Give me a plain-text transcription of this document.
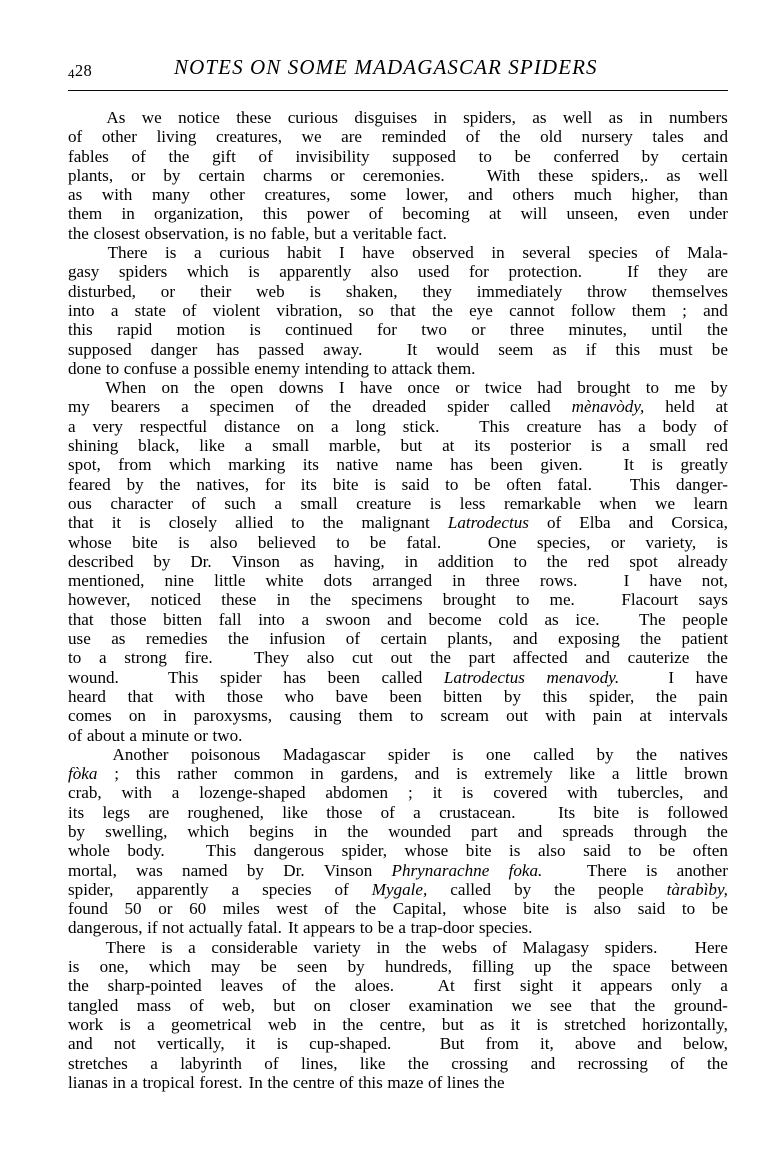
428	NOTES ON SOME MADAGASCAR SPIDERS
As we notice these curious disguises in spiders, as well as in numbers
of other living creatures, we are reminded of the old nursery tales and
fables of the gift of invisibility supposed to be conferred by certain
plants, or by certain charms or ceremonies. With these spiders,. as well
as with many other creatures, some lower, and others much higher, than
them in organization, this power of becoming at will unseen, even under
the closest observation, is no fable, but a veritable fact.
There is a curious habit I have observed in several species of Mala-
gasy spiders which is apparently also used for protection.	If they are
disturbed, or their web is shaken, they immediately throw themselves
into a state of violent vibration, so that the eye cannot follow them ; and
this rapid motion is continued for two or three minutes, until the
supposed danger has passed away.	It would seem as if this must be
done to confuse a possible enemy intending to attack them.
When on the open downs I have once or twice had brought to me by
my bearers a specimen of the dreaded spider called mènavòdy, held at
a very respectful distance on a long stick. This creature has a body of
shining black, like a small marble, but at its posterior is a small red
spot, from which marking its native name has been given. It is greatly
feared by the natives, for its bite is said to be often fatal. This danger-
ous character of such a small creature is less remarkable when we learn
that it is closely allied to the malignant Latrodectus of Elba and Corsica,
whose bite is also believed to be fatal.	One species, or variety, is
described by Dr. Vinson as having, in addition to the red spot already
mentioned, nine little white dots arranged in three rows.	I have not,
however, noticed these in the specimens brought to me.	Flacourt says
that those bitten fall into a swoon and become cold as ice. The people
use as remedies the infusion of certain plants, and exposing the patient
to a strong fire. They also cut out the part affected and cauterize the
wound.	This spider has been called Latrodectus menavody.	I have
heard that with those who bave been bitten by this spider, the pain
comes on in paroxysms, causing them to scream out with pain at intervals
of about a minute or two.
Another poisonous Madagascar spider is one called by the natives
fòka ; this rather common in gardens, and is extremely like a little brown
crab, with a lozenge-shaped abdomen ; it is covered with tubercles, and
its legs are roughened, like those of a crustacean. Its bite is followed
by swelling, which begins in the wounded part and spreads through the
whole body. This dangerous spider, whose bite is also said to be often
mortal, was named by Dr. Vinson Phrynarachne foka.	There is another
spider, apparently a species of Mygale, called by the people tàrabìby,
found 50 or 60 miles west of the Capital, whose bite is also said to be
dangerous, if not actually fatal. It appears to be a trap-door species.
There is a considerable variety in the webs of Malagasy spiders. Here
is one, which may be seen by hundreds, filling up the space between
the sharp-pointed leaves of the aloes.	At first sight it appears only a
tangled mass of web, but on closer examination we see that the ground-
work is a geometrical web in the centre, but as it is stretched horizontally,
and not vertically, it is cup-shaped.	But from it, above and below,
stretches a labyrinth of lines, like the crossing and recrossing of the
lianas in a tropical forest. In the centre of this maze of lines the
